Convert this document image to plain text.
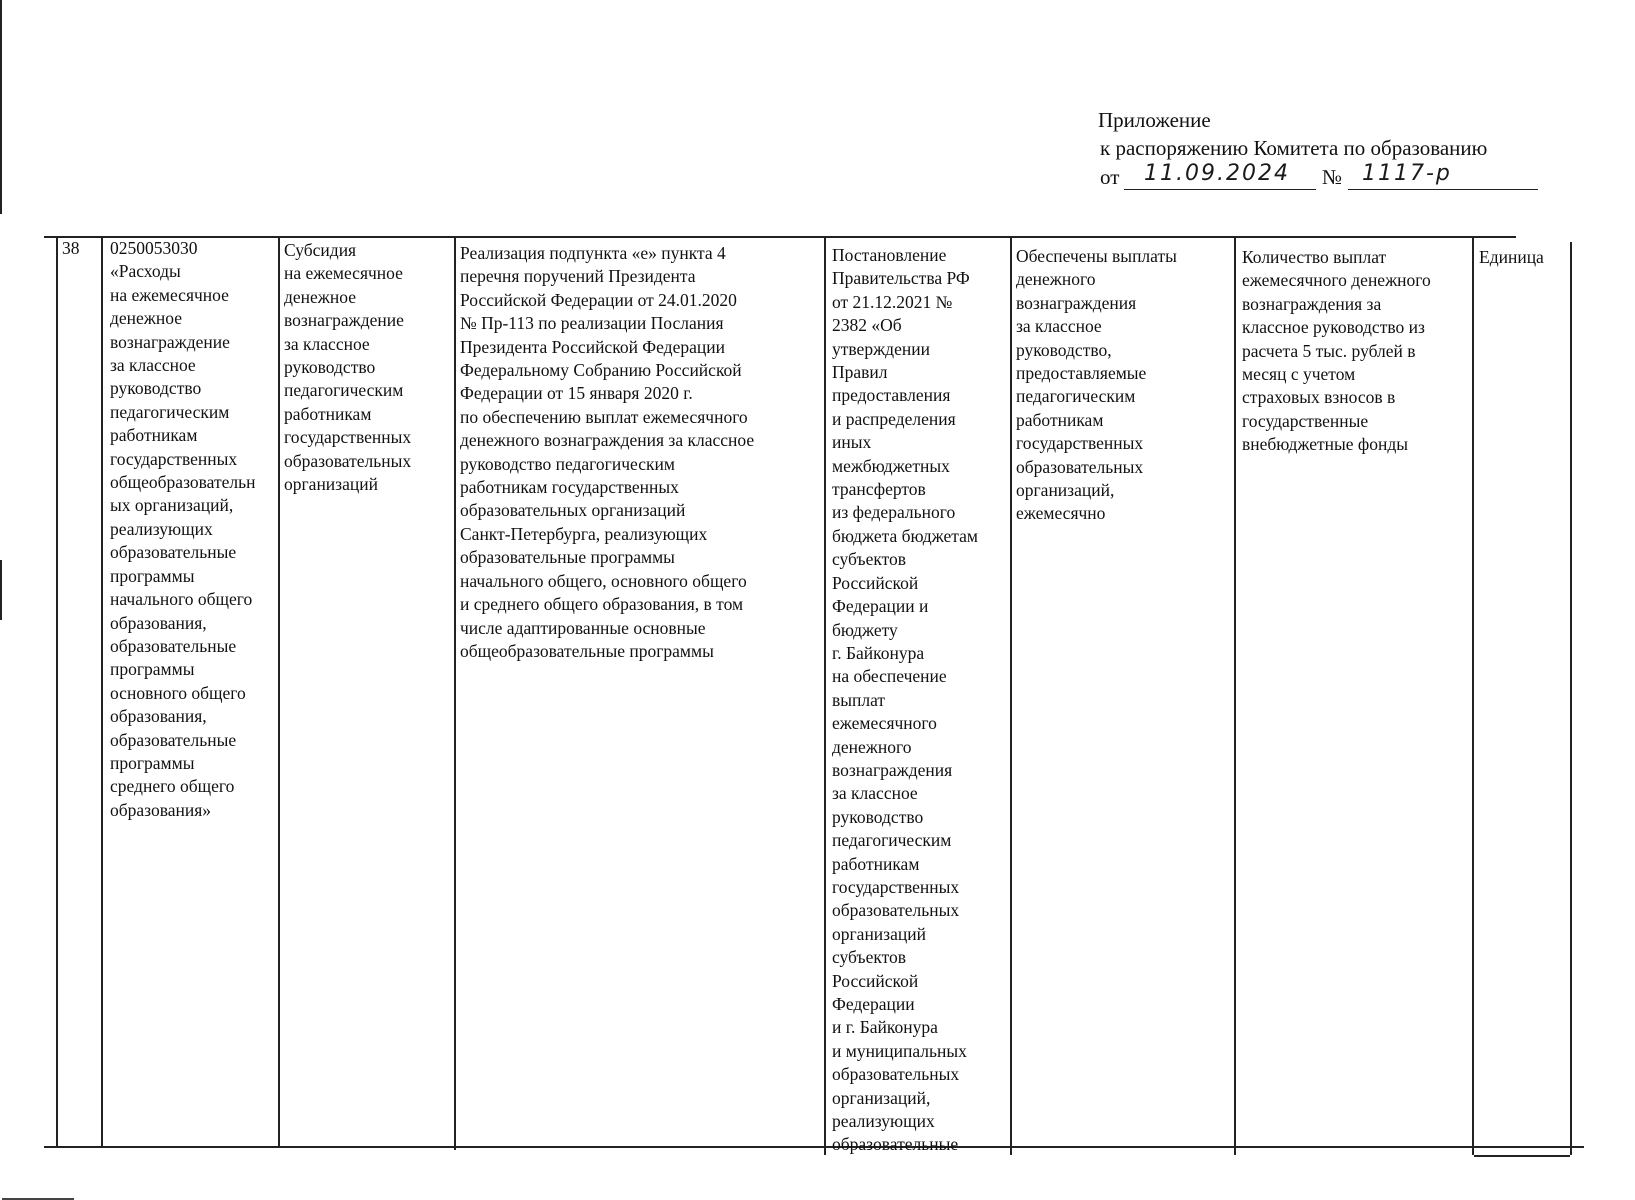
Приложение
к распоряжению Комитета по образованию
от 11.09.2024 № 1117-р
38 0250053030
«Расходы
на ежемесячное
денежное
вознаграждение
за классное
руководство
педагогическим
работникам
государственных
общеобразовательн
ых организаций,
реализующих
образовательные
программы
начального общего
образования,
образовательные
программы
основного общего
образования,
образовательные
программы
среднего общего
образования»
Субсидия
на ежемесячное
денежное
вознаграждение
за классное
руководство
педагогическим
работникам
государственных
образовательных
организаций
Реализация подпункта «е» пункта 4
перечня поручений Президента
Российской Федерации от 24.01.2020
№ Пр-113 по реализации Послания
Президента Российской Федерации
Федеральному Собранию Российской
Федерации от 15 января 2020 г.
по обеспечению выплат ежемесячного
денежного вознаграждения за классное
руководство педагогическим
работникам государственных
образовательных организаций
Санкт-Петербурга, реализующих
образовательные программы
начального общего, основного общего
и среднего общего образования, в том
числе адаптированные основные
общеобразовательные программы
Постановление
Правительства РФ
от 21.12.2021 №
2382 «Об
утверждении
Правил
предоставления
и распределения
иных
межбюджетных
трансфертов
из федерального
бюджета бюджетам
субъектов
Российской
Федерации и
бюджету
г. Байконура
на обеспечение
выплат
ежемесячного
денежного
вознаграждения
за классное
руководство
педагогическим
работникам
государственных
образовательных
организаций
субъектов
Российской
Федерации
и г. Байконура
и муниципальных
образовательных
организаций,
реализующих
образовательные
Обеспечены выплаты
денежного
вознаграждения
за классное
руководство,
предоставляемые
педагогическим
работникам
государственных
образовательных
организаций,
ежемесячно
Количество выплат
ежемесячного денежного
вознаграждения за
классное руководство из
расчета 5 тыс. рублей в
месяц с учетом
страховых взносов в
государственные
внебюджетные фонды
Единица
